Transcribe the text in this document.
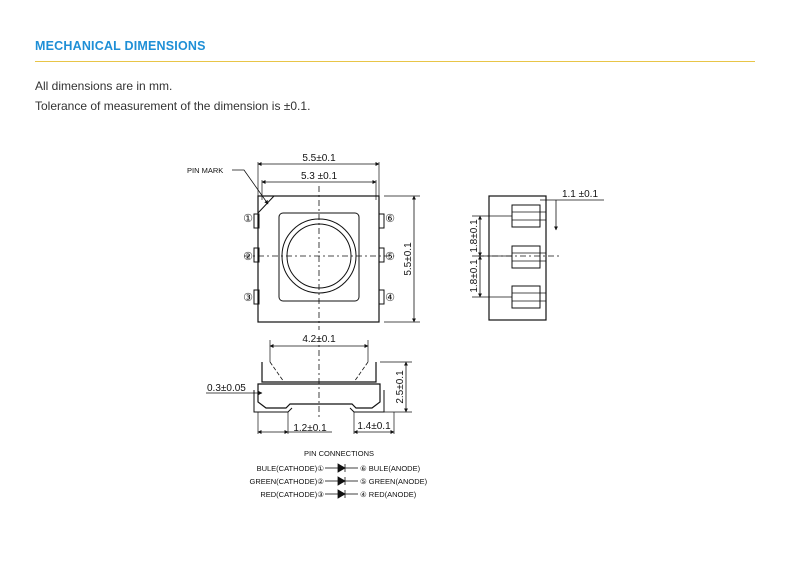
MECHANICAL DIMENSIONS
All dimensions are in mm.
Tolerance of measurement of the dimension is ±0.1.
PIN MARK
5.5±0.1
5.3 ±0.1
5.5±0.1
①
②
③
⑥
⑤
④
1.1 ±0.1
1.8±0.1
1.8±0.1
4.2±0.1
0.3±0.05	2.5±0.1
1.2±0.1	1.4±0.1
PIN CONNECTIONS
BULE(CATHODE)①	⑥ BULE(ANODE)
GREEN(CATHODE)②	⑤ GREEN(ANODE)
RED(CATHODE)③	④ RED(ANODE)
